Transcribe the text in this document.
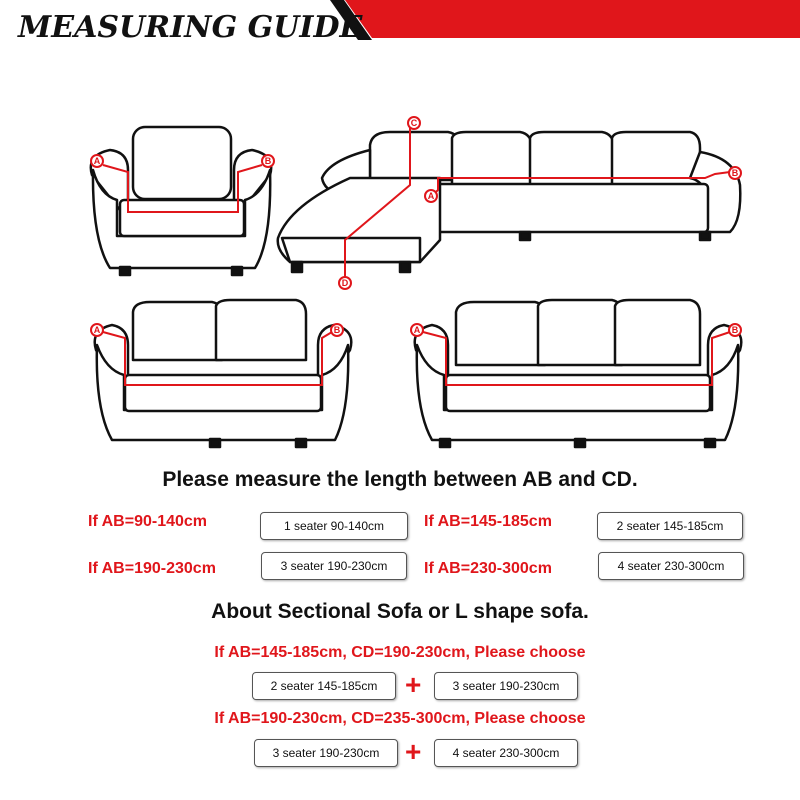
MEASURING GUIDE
A	B
C
A
B
D
A	B	A	B
Please measure the length between AB and CD.
If AB=90-140cm	1 seater 90-140cm	If AB=145-185cm	2 seater 145-185cm
If AB=190-230cm	3 seater 190-230cm	If AB=230-300cm	4 seater 230-300cm
About Sectional Sofa or L shape sofa.
If AB=145-185cm, CD=190-230cm, Please choose
2 seater 145-185cm +	3 seater 190-230cm
If AB=190-230cm, CD=235-300cm, Please choose
3 seater 190-230cm +	4 seater 230-300cm
